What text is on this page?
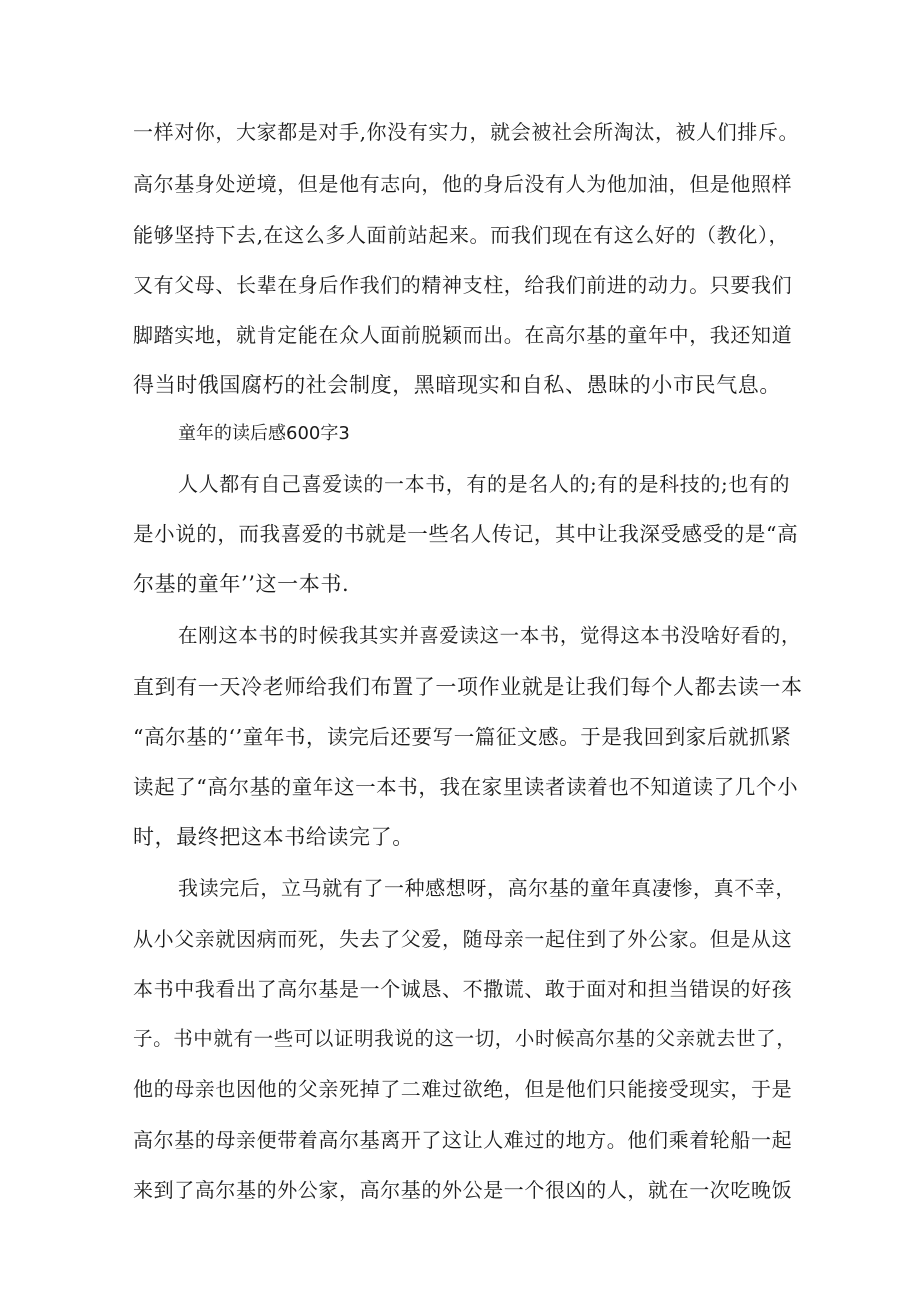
一样对你，大家都是对手,你没有实力，就会被社会所淘汰，被人们排斥。
高尔基身处逆境，但是他有志向，他的身后没有人为他加油，但是他照样
能够坚持下去,在这么多人面前站起来。而我们现在有这么好的（教化），
又有父母、长辈在身后作我们的精神支柱，给我们前进的动力。只要我们
脚踏实地，就肯定能在众人面前脱颖而出。在高尔基的童年中，我还知道
得当时俄国腐朽的社会制度，黑暗现实和自私、愚昧的小市民气息。
童年的读后感600字3
人人都有自己喜爱读的一本书，有的是名人的;有的是科技的;也有的
是小说的，而我喜爱的书就是一些名人传记，其中让我深受感受的是“高
尔基的童年’’这一本书.
在刚这本书的时候我其实并喜爱读这一本书，觉得这本书没啥好看的，
直到有一天冷老师给我们布置了一项作业就是让我们每个人都去读一本
“高尔基的‘’童年书，读完后还要写一篇征文感。于是我回到家后就抓紧
读起了“高尔基的童年这一本书，我在家里读者读着也不知道读了几个小
时，最终把这本书给读完了。
我读完后，立马就有了一种感想呀，高尔基的童年真凄惨，真不幸，
从小父亲就因病而死，失去了父爱，随母亲一起住到了外公家。但是从这
本书中我看出了高尔基是一个诚恳、不撒谎、敢于面对和担当错误的好孩
子。书中就有一些可以证明我说的这一切，小时候高尔基的父亲就去世了，
他的母亲也因他的父亲死掉了二难过欲绝，但是他们只能接受现实，于是
高尔基的母亲便带着高尔基离开了这让人难过的地方。他们乘着轮船一起
来到了高尔基的外公家，高尔基的外公是一个很凶的人，就在一次吃晚饭
